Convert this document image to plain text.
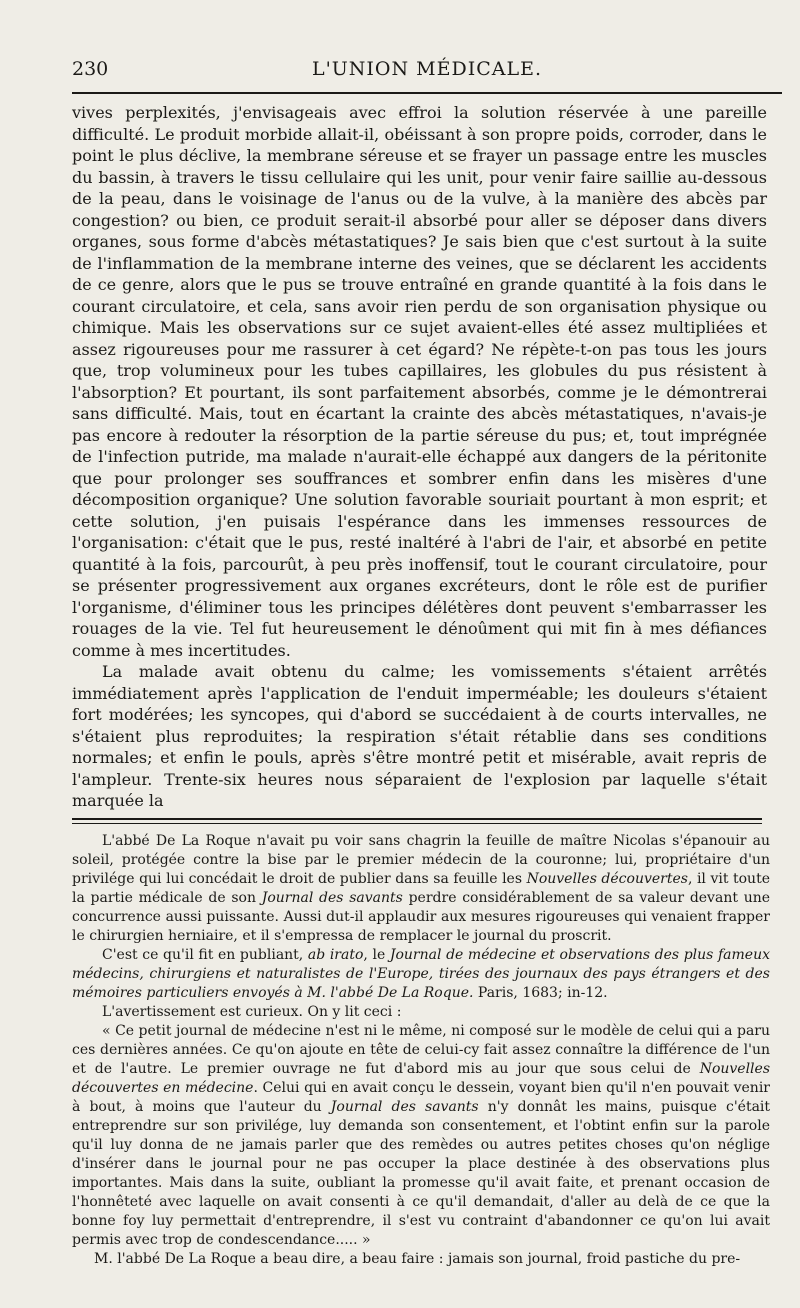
230	L'UNION MÉDICALE.

vives perplexités, j'envisageais avec effroi la solution réservée à une pareille difficulté. Le produit morbide allait-il, obéissant à son propre poids, corroder, dans le point le plus déclive, la membrane séreuse et se frayer un passage entre les muscles du bassin, à travers le tissu cellulaire qui les unit, pour venir faire saillie au-dessous de la peau, dans le voisinage de l'anus ou de la vulve, à la manière des abcès par congestion? ou bien, ce produit serait-il absorbé pour aller se déposer dans divers organes, sous forme d'abcès métastatiques? Je sais bien que c'est surtout à la suite de l'inflammation de la membrane interne des veines, que se déclarent les accidents de ce genre, alors que le pus se trouve entraîné en grande quantité à la fois dans le courant circulatoire, et cela, sans avoir rien perdu de son organisation physique ou chimique. Mais les observations sur ce sujet avaient-elles été assez multipliées et assez rigoureuses pour me rassurer à cet égard? Ne répète-t-on pas tous les jours que, trop volumineux pour les tubes capillaires, les globules du pus résistent à l'absorption? Et pourtant, ils sont parfaitement absorbés, comme je le démontrerai sans difficulté. Mais, tout en écartant la crainte des abcès métastatiques, n'avais-je pas encore à redouter la résorption de la partie séreuse du pus; et, tout imprégnée de l'infection putride, ma malade n'aurait-elle échappé aux dangers de la péritonite que pour prolonger ses souffrances et sombrer enfin dans les misères d'une décomposition organique? Une solution favorable souriait pourtant à mon esprit; et cette solution, j'en puisais l'espérance dans les immenses ressources de l'organisation: c'était que le pus, resté inaltéré à l'abri de l'air, et absorbé en petite quantité à la fois, parcourût, à peu près inoffensif, tout le courant circulatoire, pour se présenter progressivement aux organes excréteurs, dont le rôle est de purifier l'organisme, d'éliminer tous les principes délétères dont peuvent s'embarrasser les rouages de la vie. Tel fut heureusement le dénoûment qui mit fin à mes défiances comme à mes incertitudes.

La malade avait obtenu du calme; les vomissements s'étaient arrêtés immédiatement après l'application de l'enduit imperméable; les douleurs s'étaient fort modérées; les syncopes, qui d'abord se succédaient à de courts intervalles, ne s'étaient plus reproduites; la respiration s'était rétablie dans ses conditions normales; et enfin le pouls, après s'être montré petit et misérable, avait repris de l'ampleur. Trente-six heures nous séparaient de l'explosion par laquelle s'était marquée la

L'abbé De La Roque n'avait pu voir sans chagrin la feuille de maître Nicolas s'épanouir au soleil, protégée contre la bise par le premier médecin de la couronne; lui, propriétaire d'un privilége qui lui concédait le droit de publier dans sa feuille les Nouvelles découvertes, il vit toute la partie médicale de son Journal des savants perdre considérablement de sa valeur devant une concurrence aussi puissante. Aussi dut-il applaudir aux mesures rigoureuses qui venaient frapper le chirurgien herniaire, et il s'empressa de remplacer le journal du proscrit.

C'est ce qu'il fit en publiant, ab irato, le Journal de médecine et observations des plus fameux médecins, chirurgiens et naturalistes de l'Europe, tirées des journaux des pays étrangers et des mémoires particuliers envoyés à M. l'abbé De La Roque. Paris, 1683; in-12.

L'avertissement est curieux. On y lit ceci :

« Ce petit journal de médecine n'est ni le même, ni composé sur le modèle de celui qui a paru ces dernières années. Ce qu'on ajoute en tête de celui-cy fait assez connaître la différence de l'un et de l'autre. Le premier ouvrage ne fut d'abord mis au jour que sous celui de Nouvelles découvertes en médecine. Celui qui en avait conçu le dessein, voyant bien qu'il n'en pouvait venir à bout, à moins que l'auteur du Journal des savants n'y donnât les mains, puisque c'était entreprendre sur son privilége, luy demanda son consentement, et l'obtint enfin sur la parole qu'il luy donna de ne jamais parler que des remèdes ou autres petites choses qu'on néglige d'insérer dans le journal pour ne pas occuper la place destinée à des observations plus importantes. Mais dans la suite, oubliant la promesse qu'il avait faite, et prenant occasion de l'honnêteté avec laquelle on avait consenti à ce qu'il demandait, d'aller au delà de ce que la bonne foy luy permettait d'entreprendre, il s'est vu contraint d'abandonner ce qu'on lui avait permis avec trop de condescendance..... »

M. l'abbé De La Roque a beau dire, a beau faire : jamais son journal, froid pastiche du pre-
